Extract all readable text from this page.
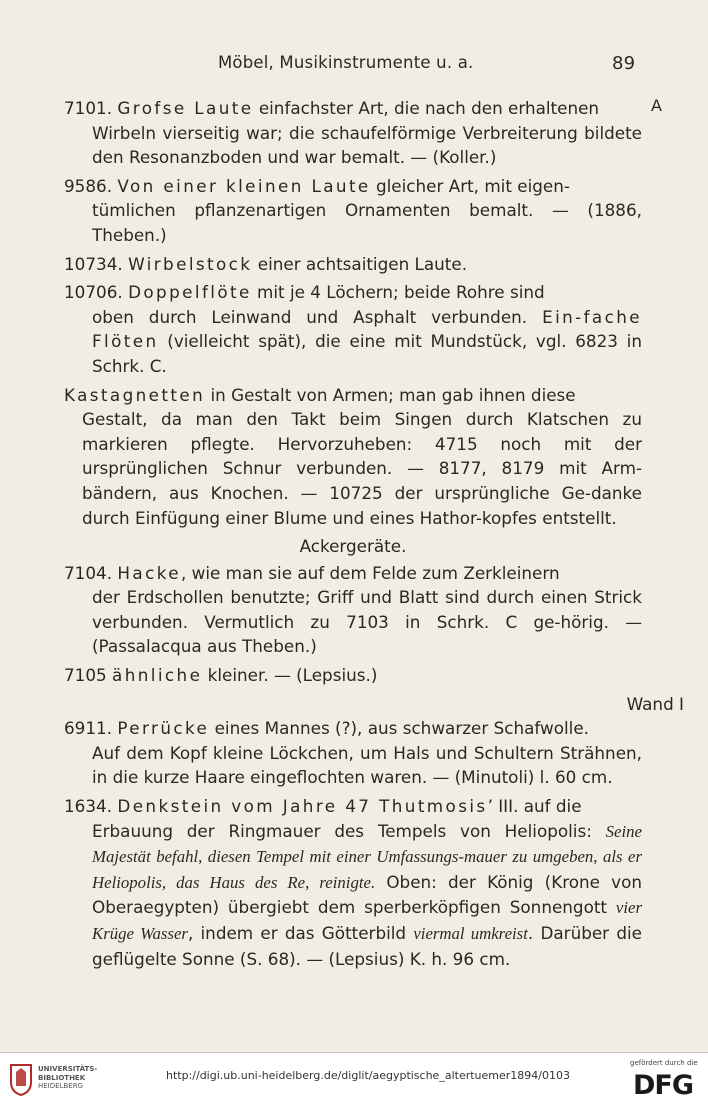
Möbel, Musikinstrumente u. a.	89
A

7101. Grofse Laute einfachster Art, die nach den erhaltenen
Wirbeln vierseitig war; die schaufelförmige Verbreiterung bildete den Resonanzboden und war bemalt. — (Koller.)

9586. Von einer kleinen Laute gleicher Art, mit eigen-
tümlichen pflanzenartigen Ornamenten bemalt. — (1886, Theben.)

10734. Wirbelstock einer achtsaitigen Laute.

10706. Doppelflöte mit je 4 Löchern; beide Rohre sind
oben durch Leinwand und Asphalt verbunden. Ein-fache Flöten (vielleicht spät), die eine mit Mundstück, vgl. 6823 in Schrk. C.

Kastagnetten in Gestalt von Armen; man gab ihnen diese
Gestalt, da man den Takt beim Singen durch Klatschen zu markieren pflegte. Hervorzuheben: 4715 noch mit der ursprünglichen Schnur verbunden. — 8177, 8179 mit Arm-bändern, aus Knochen. — 10725 der ursprüngliche Ge-danke durch Einfügung einer Blume und eines Hathor-kopfes entstellt.

Ackergeräte.

7104. Hacke, wie man sie auf dem Felde zum Zerkleinern
der Erdschollen benutzte; Griff und Blatt sind durch einen Strick verbunden. Vermutlich zu 7103 in Schrk. C ge-hörig. — (Passalacqua aus Theben.)

7105 ähnliche kleiner. — (Lepsius.)

Wand I

6911. Perrücke eines Mannes (?), aus schwarzer Schafwolle.
Auf dem Kopf kleine Löckchen, um Hals und Schultern Strähnen, in die kurze Haare eingeflochten waren. — (Minutoli) l. 60 cm.

1634. Denkstein vom Jahre 47 Thutmosis’ III. auf die
Erbauung der Ringmauer des Tempels von Heliopolis: Seine Majestät befahl, diesen Tempel mit einer Umfassungs-mauer zu umgeben, als er Heliopolis, das Haus des Re, reinigte. Oben: der König (Krone von Oberaegypten) übergiebt dem sperberköpfigen Sonnengott vier Krüge Wasser, indem er das Götterbild viermal umkreist. Darüber die geflügelte Sonne (S. 68). — (Lepsius) K. h. 96 cm.

UNIVERSITÄTS-
BIBLIOTHEK
HEIDELBERG
http://digi.ub.uni-heidelberg.de/diglit/aegyptische_altertuemer1894/0103
gefördert durch die
DFG
